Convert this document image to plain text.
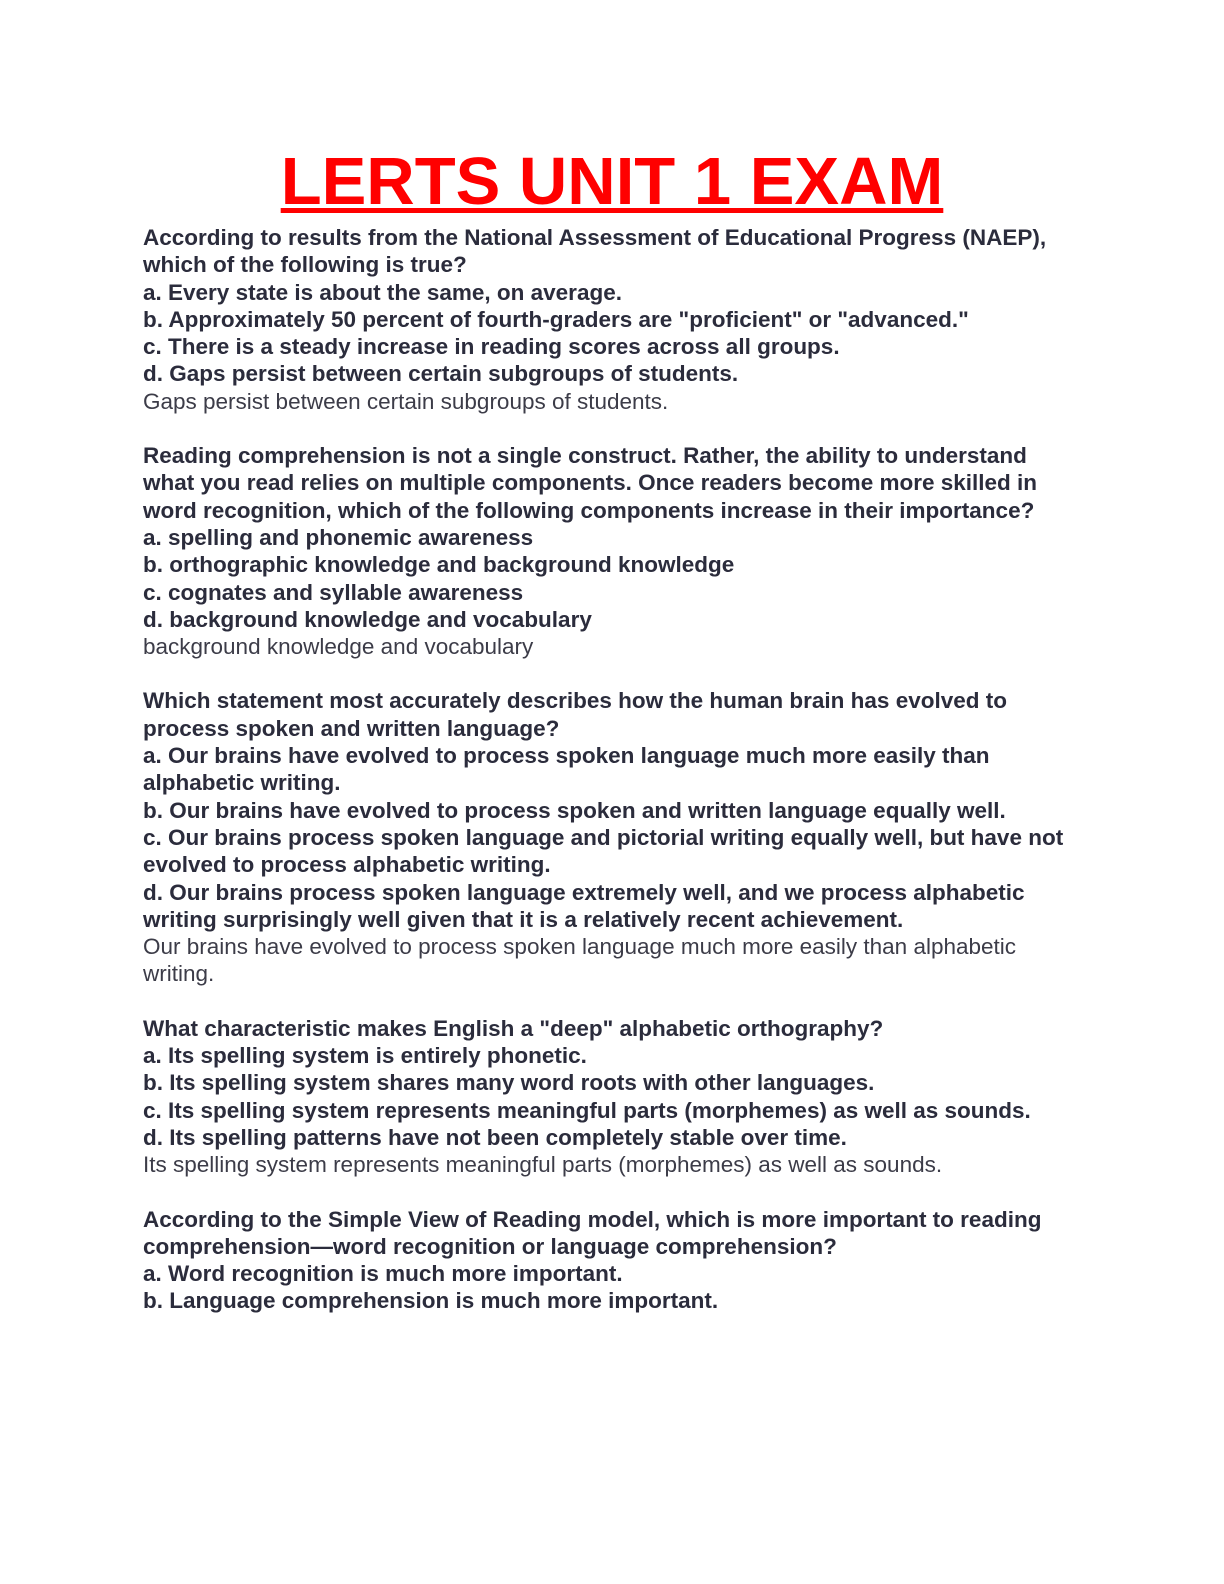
LERTS UNIT 1 EXAM

According to results from the National Assessment of Educational Progress (NAEP), which of the following is true?

a. Every state is about the same, on average.

b. Approximately 50 percent of fourth-graders are "proficient" or "advanced."

c. There is a steady increase in reading scores across all groups.

d. Gaps persist between certain subgroups of students.

Gaps persist between certain subgroups of students.

Reading comprehension is not a single construct. Rather, the ability to understand what you read relies on multiple components. Once readers become more skilled in word recognition, which of the following components increase in their importance?

a. spelling and phonemic awareness

b. orthographic knowledge and background knowledge

c. cognates and syllable awareness

d. background knowledge and vocabulary

background knowledge and vocabulary

Which statement most accurately describes how the human brain has evolved to process spoken and written language?

a. Our brains have evolved to process spoken language much more easily than alphabetic writing.

b. Our brains have evolved to process spoken and written language equally well.

c. Our brains process spoken language and pictorial writing equally well, but have not evolved to process alphabetic writing.

d. Our brains process spoken language extremely well, and we process alphabetic writing surprisingly well given that it is a relatively recent achievement.

Our brains have evolved to process spoken language much more easily than alphabetic writing.

What characteristic makes English a "deep" alphabetic orthography?

a. Its spelling system is entirely phonetic.

b. Its spelling system shares many word roots with other languages.

c. Its spelling system represents meaningful parts (morphemes) as well as sounds.

d. Its spelling patterns have not been completely stable over time.

Its spelling system represents meaningful parts (morphemes) as well as sounds.

According to the Simple View of Reading model, which is more important to reading comprehension—word recognition or language comprehension?

a. Word recognition is much more important.

b. Language comprehension is much more important.
